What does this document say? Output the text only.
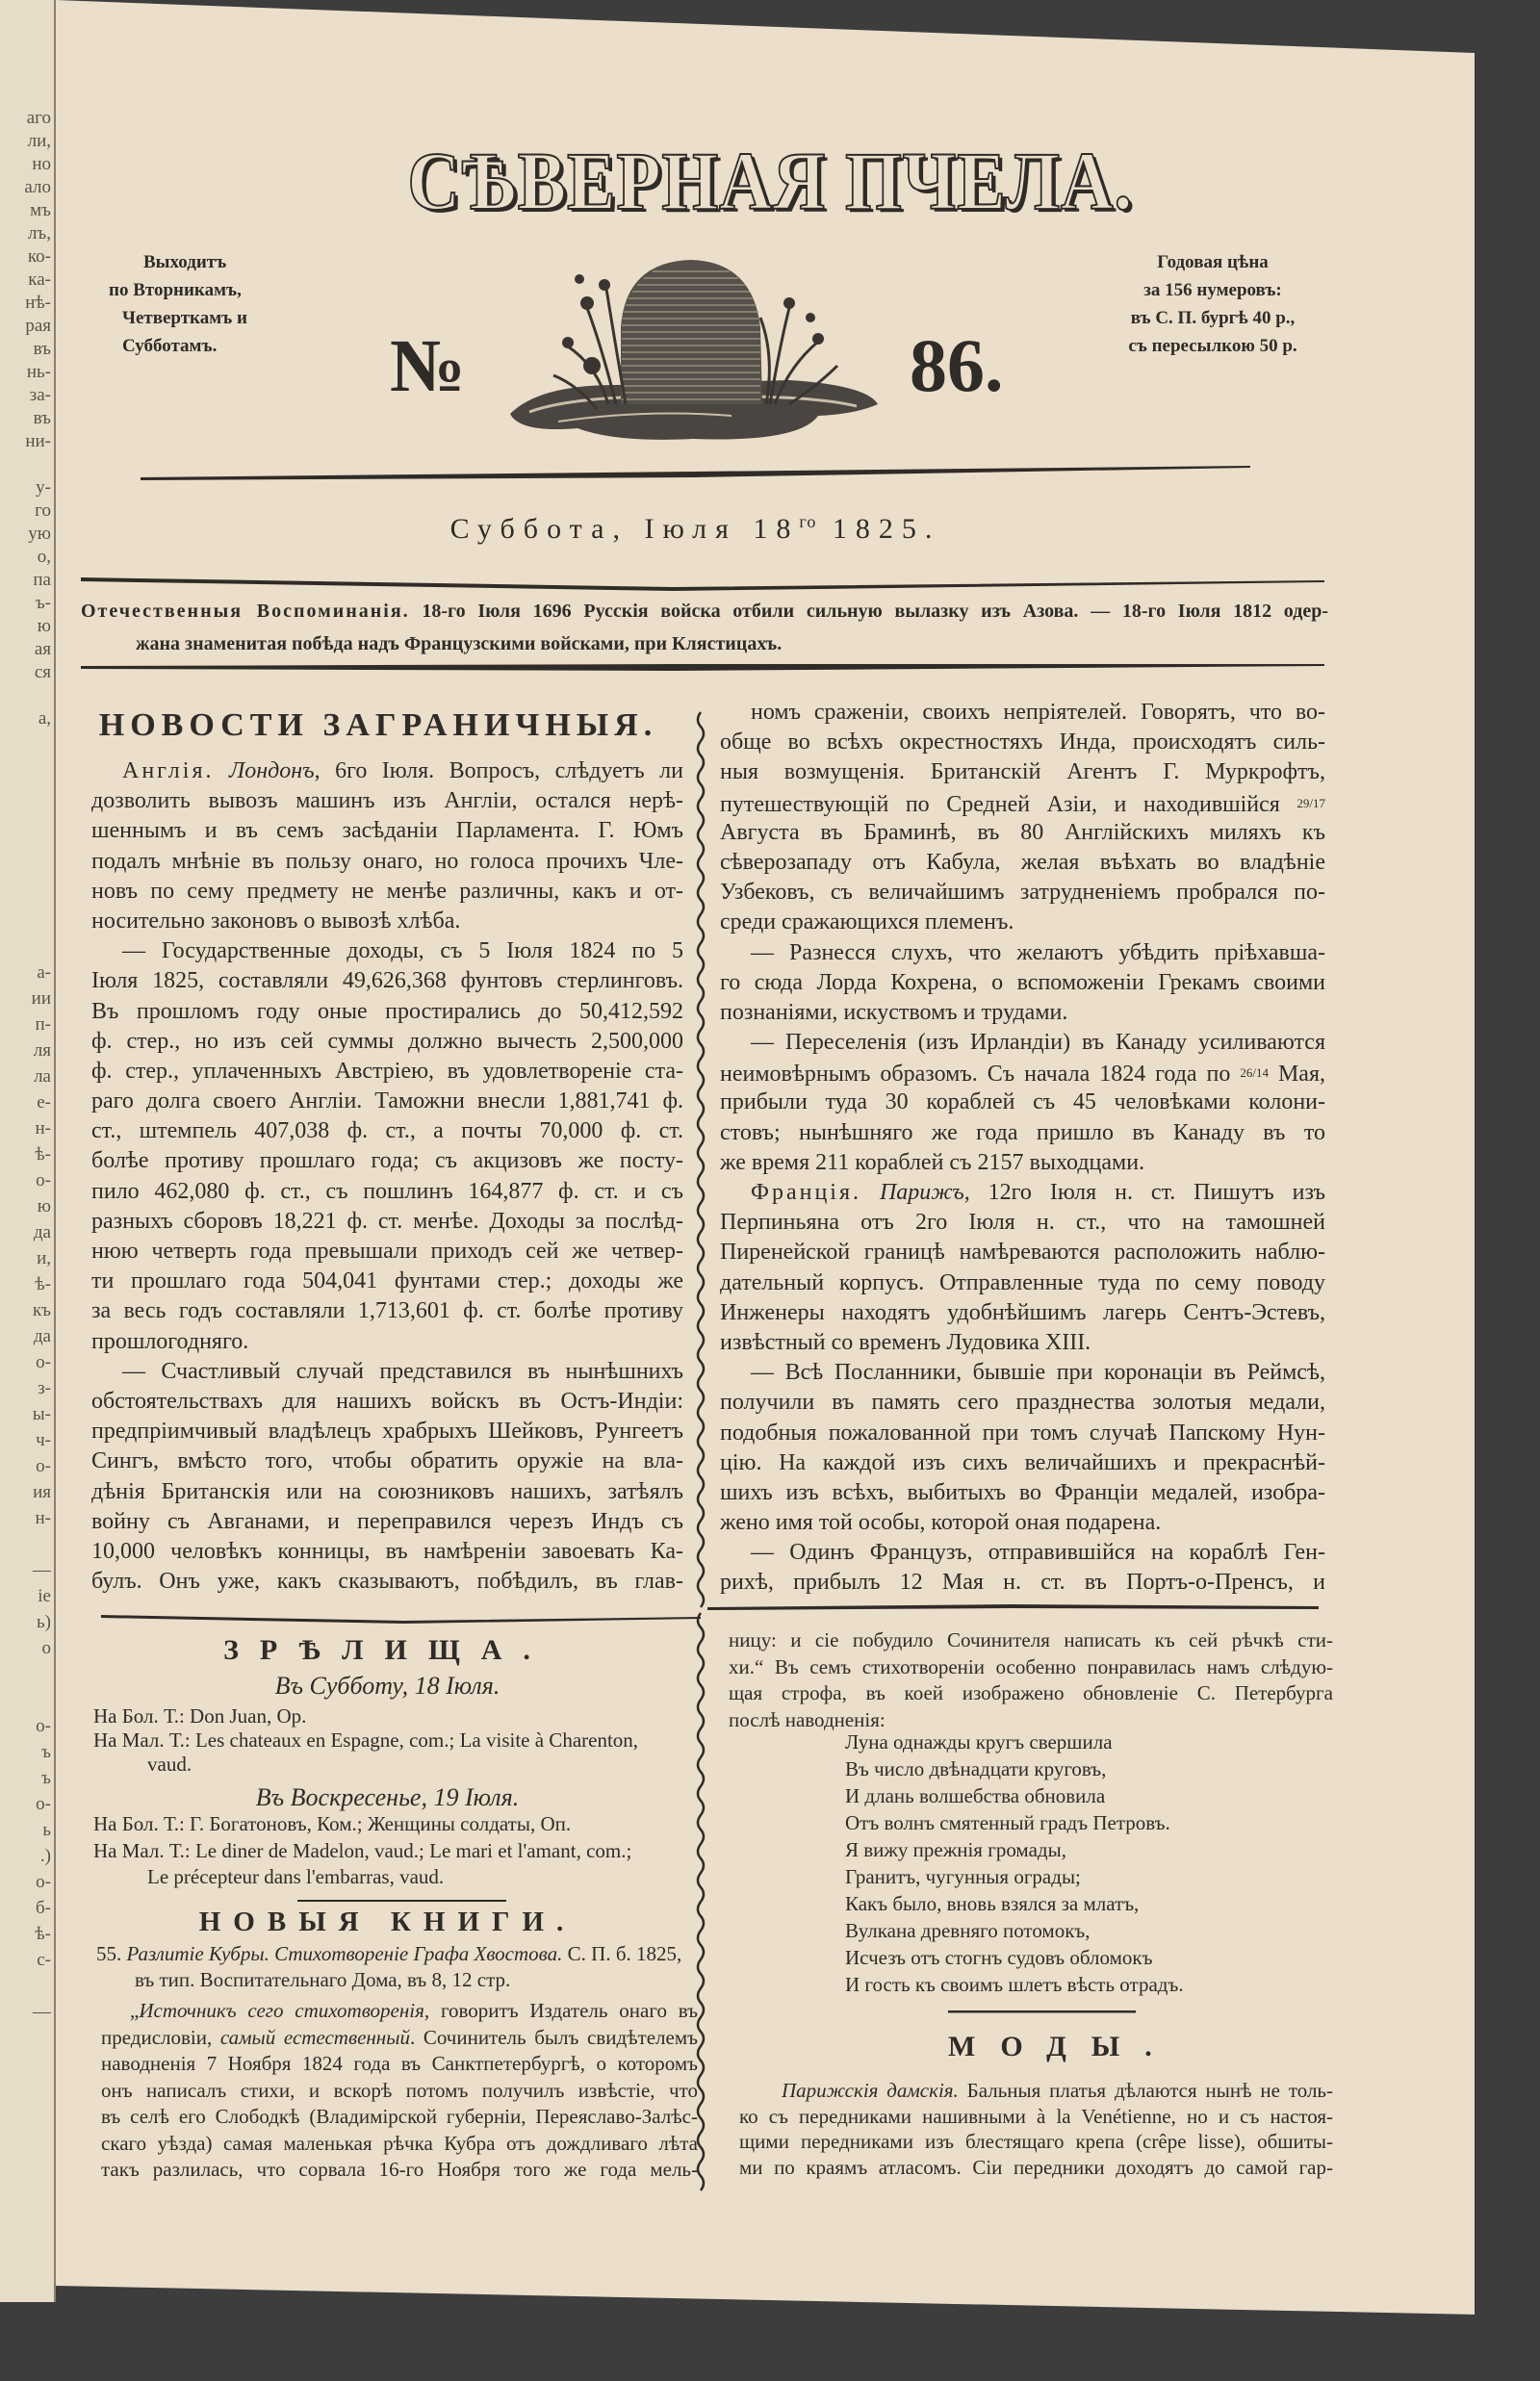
аго
ли,
но
ало
мъ
лъ,
ко-
ка-
нѣ-
рая
въ
нь-
за-
въ
ни-
у-
го
ую
о,
па
ъ-
ю
ая
ся
а,
а-
ии
п-
ля
ла
е-
н-
ѣ-
о-
ю
да
и,
ѣ-
къ
да
о-
з-
ы-
ч-
о-
ия
н-
—
іе
ь)
о
о-
ъ
ъ
о-
ь
.)
о-
б-
ѣ-
с-
—
СѢВЕРНАЯ ПЧЕЛА.
Выходитъ
по Вторникамъ,
Четверткамъ и
Субботамъ.
Годовая цѣна
за 156 нумеровъ:
въ С. П. бургѣ 40 р.,
съ пересылкою 50 р.
№	86.
Суббота, Іюля $18^{го}$ 1825.
Отечественныя Воспоминанія. 18-го Іюля 1696 Русскія войска отбили сильную вылазку изъ Азова. — 18-го Іюля 1812 одер-
жана знаменитая побѣда надъ Французскими войсками, при Клястицахъ.
НОВОСТИ ЗАГРАНИЧНЫЯ.
Англія. Лондонъ, 6го Іюля. Вопросъ, слѣдуетъ ли
дозволить вывозъ машинъ изъ Англіи, остался нерѣ-
шеннымъ и въ семъ засѣданіи Парламента. Г. Юмъ
подалъ мнѣніе въ пользу онаго, но голоса прочихъ Чле-
новъ по сему предмету не менѣе различны, какъ и от-
носительно законовъ о вывозѣ хлѣба.
— Государственные доходы, съ 5 Іюля 1824 по 5
Іюля 1825, составляли 49,626,368 фунтовъ стерлинговъ.
Въ прошломъ году оные простирались до 50,412,592
ф. стер., но изъ сей суммы должно вычесть 2,500,000
ф. стер., уплаченныхъ Австріею, въ удовлетвореніе ста-
раго долга своего Англіи. Таможни внесли 1,881,741 ф.
ст., штемпель 407,038 ф. ст., а почты 70,000 ф. ст.
болѣе противу прошлаго года; съ акцизовъ же посту-
пило 462,080 ф. ст., съ пошлинъ 164,877 ф. ст. и съ
разныхъ сборовъ 18,221 ф. ст. менѣе. Доходы за послѣд-
нюю четверть года превышали приходъ сей же четвер-
ти прошлаго года 504,041 фунтами стер.; доходы же
за весь годъ составляли 1,713,601 ф. ст. болѣе противу
прошлогодняго.
— Счастливый случай представился въ нынѣшнихъ
обстоятельствахъ для нашихъ войскъ въ Остъ-Индіи:
предпріимчивый владѣлецъ храбрыхъ Шейковъ, Рунгеетъ
Сингъ, вмѣсто того, чтобы обратить оружіе на вла-
дѣнія Британскія или на союзниковъ нашихъ, затѣялъ
войну съ Авганами, и переправился черезъ Индъ съ
10,000 человѣкъ конницы, въ намѣреніи завоевать Ка-
булъ. Онъ уже, какъ сказываютъ, побѣдилъ, въ глав-
номъ сраженіи, своихъ непріятелей. Говорятъ, что во-
обще во всѣхъ окрестностяхъ Инда, происходятъ силь-
ныя возмущенія. Британскій Агентъ Г. Муркрофтъ,
путешествующій по Средней Азіи, и находившійся 29/17
Августа въ Браминѣ, въ 80 Англійскихъ миляхъ къ
сѣверозападу отъ Кабула, желая въѣхать во владѣніе
Узбековъ, съ величайшимъ затрудненіемъ пробрался по-
среди сражающихся племенъ.
— Разнесся слухъ, что желаютъ убѣдить пріѣхавша-
го сюда Лорда Кохрена, о вспоможеніи Грекамъ своими
познаніями, искуствомъ и трудами.
— Переселенія (изъ Ирландіи) въ Канаду усиливаются
неимовѣрнымъ образомъ. Съ начала 1824 года по 26/14 Мая,
прибыли туда 30 кораблей съ 45 человѣками колони-
стовъ; нынѣшняго же года пришло въ Канаду въ то
же время 211 кораблей съ 2157 выходцами.
Франція. Парижъ, 12го Іюля н. ст. Пишутъ изъ
Перпиньяна отъ 2го Іюля н. ст., что на тамошней
Пиренейской границѣ намѣреваются расположить наблю-
дательный корпусъ. Отправленные туда по сему поводу
Инженеры находятъ удобнѣйшимъ лагерь Сентъ-Эстевъ,
извѣстный со временъ Лудовика XIII.
— Всѣ Посланники, бывшіе при коронаціи въ Реймсѣ,
получили въ память сего празднества золотыя медали,
подобныя пожалованной при томъ случаѣ Папскому Нун-
цію. На каждой изъ сихъ величайшихъ и прекраснѣй-
шихъ изъ всѣхъ, выбитыхъ во Франціи медалей, изобра-
жено имя той особы, которой оная подарена.
— Одинъ Французъ, отправившійся на кораблѣ Ген-
рихѣ, прибылъ 12 Мая н. ст. въ Портъ-о-Пренсъ, и
ЗРѢЛИЩА.
Въ Субботу, 18 Іюля.
На Бол. Т.: Don Juan, Op.
На Мал. Т.: Les chateaux en Espagne, com.; La visite à Charenton,
vaud.
Въ Воскресенье, 19 Іюля.
На Бол. Т.: Г. Богатоновъ, Ком.; Женщины солдаты, Оп.
На Мал. Т.: Le diner de Madelon, vaud.; Le mari et l'amant, com.;
Le précepteur dans l'embarras, vaud.
НОВЫЯ КНИГИ.
55. Разлитіе Кубры. Стихотвореніе Графа Хвостова. С. П. б. 1825,
въ тип. Воспитательнаго Дома, въ 8, 12 стр.
„Источникъ сего стихотворенія, говоритъ Издатель онаго въ
предисловіи, самый естественный. Сочинитель былъ свидѣтелемъ
наводненія 7 Ноября 1824 года въ Санктпетербургѣ, о которомъ
онъ написалъ стихи, и вскорѣ потомъ получилъ извѣстіе, что
въ селѣ его Слободкѣ (Владимірской губерніи, Переяславо-Залѣс-
скаго уѣзда) самая маленькая рѣчка Кубра отъ дождливаго лѣта
такъ разлилась, что сорвала 16-го Ноября того же года мель-
ницу: и сіе побудило Сочинителя написать къ сей рѣчкѣ сти-
хи.“ Въ семъ стихотвореніи особенно понравилась намъ слѣдую-
щая строфа, въ коей изображено обновленіе С. Петербурга
послѣ наводненія:
Луна однажды кругъ свершила
Въ число двѣнадцати круговъ,
И длань волшебства обновила
Отъ волнъ смятенный градъ Петровъ.
Я вижу прежнія громады,
Гранитъ, чугунныя ограды;
Какъ было, вновь взялся за млатъ,
Вулкана древняго потомокъ,
Исчезъ отъ стогнъ судовъ обломокъ
И гость къ своимъ шлетъ вѣсть отрадъ.
МОДЫ.
Парижскія дамскія. Бальныя платья дѣлаются нынѣ не толь-
ко съ передниками нашивными à la Venétienne, но и съ настоя-
щими передниками изъ блестящаго крепа (crêpe lisse), обшиты-
ми по краямъ атласомъ. Сіи передники доходятъ до самой гар-
